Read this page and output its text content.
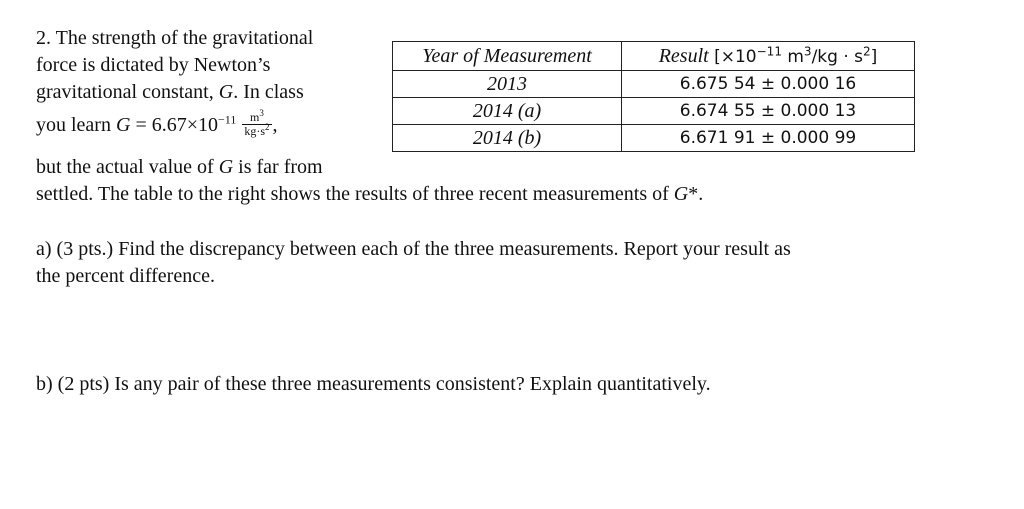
2. The strength of the gravitational
force is dictated by Newton’s
gravitational constant, G. In class
you learn $G = 6.67\times 10^{-11} \frac{m^3}{kg\cdot s^2}$ ,
but the actual value of G is far from
settled. The table to the right shows the results of three recent measurements of G*.
Year of Measurement	Result [$\times 10^{-11}$ $m^3/kg \cdot s^2$]
2013	6.675 54 ± 0.000 16
2014 (a)	6.674 55 ± 0.000 13
2014 (b)	6.671 91 ± 0.000 99
a) (3 pts.) Find the discrepancy between each of the three measurements. Report your result as
the percent difference.
b) (2 pts) Is any pair of these three measurements consistent? Explain quantitatively.
